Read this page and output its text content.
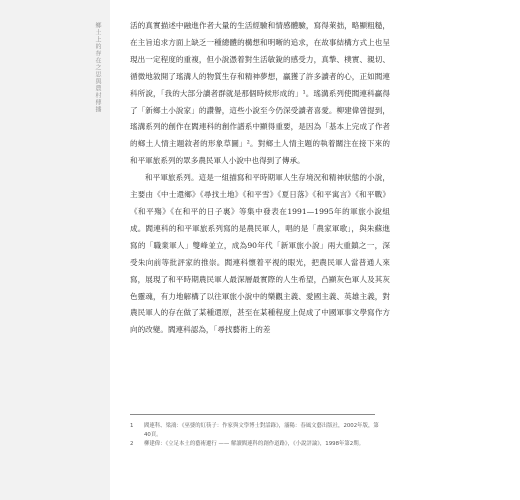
鄉土上的存在之思與農村傳播	活的真實描述中融進作者大量的生活經驗和情感體驗，寫得萊拙，略顯粗糙，在主旨追求方面上缺乏一種總體的構想和明晰的追求，在故事結構方式上也呈現出一定程度的重複，但小說憑着對生活敏銳的感受力，真摯、樸實、親切、循微地敘開了瑤溝人的物質生存和精神夢想，贏獲了許多讀者的心，正如閻連科所說，「我的大部分讀者群就是那個時候形成的」¹。瑤溝系列使閻連科贏得了「新鄉土小說家」的讚譽，這些小說至今仍深受讀者喜愛。柳建偉曾提到，瑤溝系列的創作在閻連科的創作譜系中顯得重要，是因為「基本上完成了作者的鄉土人情主題敘者的形象草圖」²。對鄉土人情主題的執着關注在接下來的和平軍旅系列的眾多農民軍人小說中也得到了傳承。

和平軍旅系列。這是一組描寫和平時期軍人生存境況和精神狀態的小說，主要由《中士還鄉》《尋找土地》《和平雪》《夏日落》《和平寓言》《和平戰》《和平殤》《在和平的日子裏》等集中發表在1991—1995年的軍旅小說組成。閻連科的和平軍旅系列寫的是農民軍人，唱的是「農家軍歌」，與朱蘇進寫的「職業軍人」雙峰並立，成為90年代「新軍旅小說」兩大重鎮之一，深受朱向前等批評家的推崇。閻連科懷着平視的眼光，把農民軍人當普通人來寫，展現了和平時期農民軍人最深層最實際的人生希望，凸顯灰色軍人及其灰色靈魂，有力地解構了以往軍旅小說中的樂觀主義、愛國主義、英雄主義，對農民軍人的存在做了某種還原，甚至在某種程度上促成了中國軍事文學寫作方向的改變。閻連科認為，「尋找藝術上的差

1 閻連科、梁鴻：《巫婆的紅筷子：作家與文學博士對話錄》，瀋陽：春風文藝出版社，2002年版，第40頁。
2 柳建偉：《立足本土的藝術遷行 —— 解讀閻連科的創作道路》，《小說評論》，1998年第2期。
